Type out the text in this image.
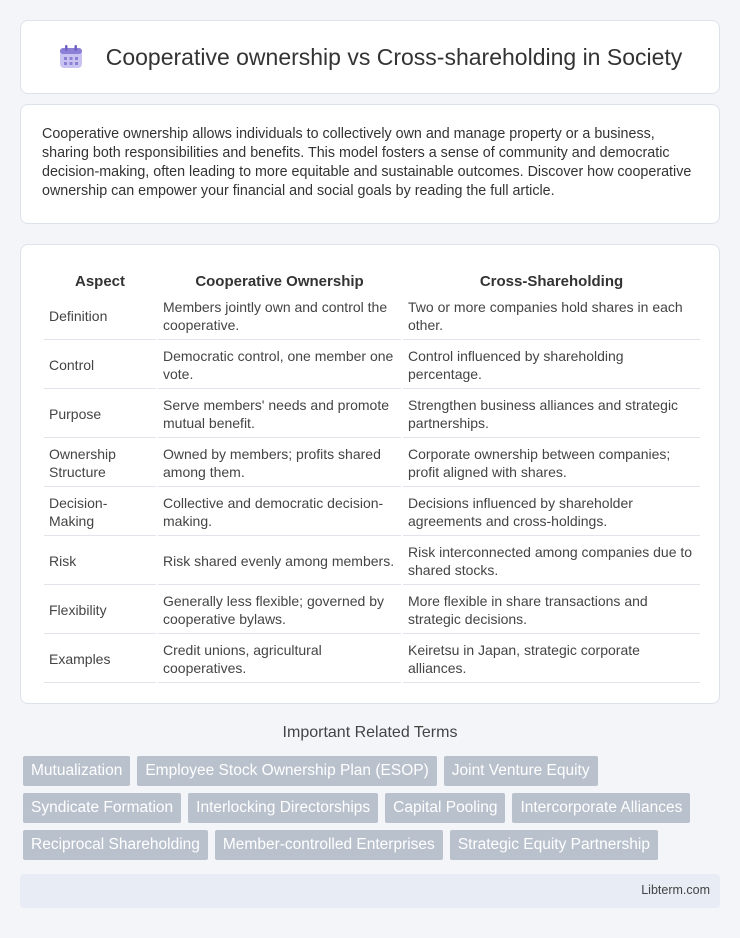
Cooperative ownership vs Cross-shareholding in Society

Cooperative ownership allows individuals to collectively own and manage property or a business, sharing both responsibilities and benefits. This model fosters a sense of community and democratic decision-making, often leading to more equitable and sustainable outcomes. Discover how cooperative ownership can empower your financial and social goals by reading the full article.

Aspect	Cooperative Ownership	Cross-Shareholding
Definition	Members jointly own and control the cooperative.	Two or more companies hold shares in each other.
Control	Democratic control, one member one vote.	Control influenced by shareholding percentage.
Purpose	Serve members' needs and promote mutual benefit.	Strengthen business alliances and strategic partnerships.
Ownership Structure	Owned by members; profits shared among them.	Corporate ownership between companies; profit aligned with shares.
Decision-Making	Collective and democratic decision-making.	Decisions influenced by shareholder agreements and cross-holdings.
Risk	Risk shared evenly among members.	Risk interconnected among companies due to shared stocks.
Flexibility	Generally less flexible; governed by cooperative bylaws.	More flexible in share transactions and strategic decisions.
Examples	Credit unions, agricultural cooperatives.	Keiretsu in Japan, strategic corporate alliances.
Important Related Terms
Mutualization	Employee Stock Ownership Plan (ESOP)	Joint Venture Equity
Syndicate Formation	Interlocking Directorships	Capital Pooling	Intercorporate Alliances
Reciprocal Shareholding	Member-controlled Enterprises	Strategic Equity Partnership
Libterm.com
